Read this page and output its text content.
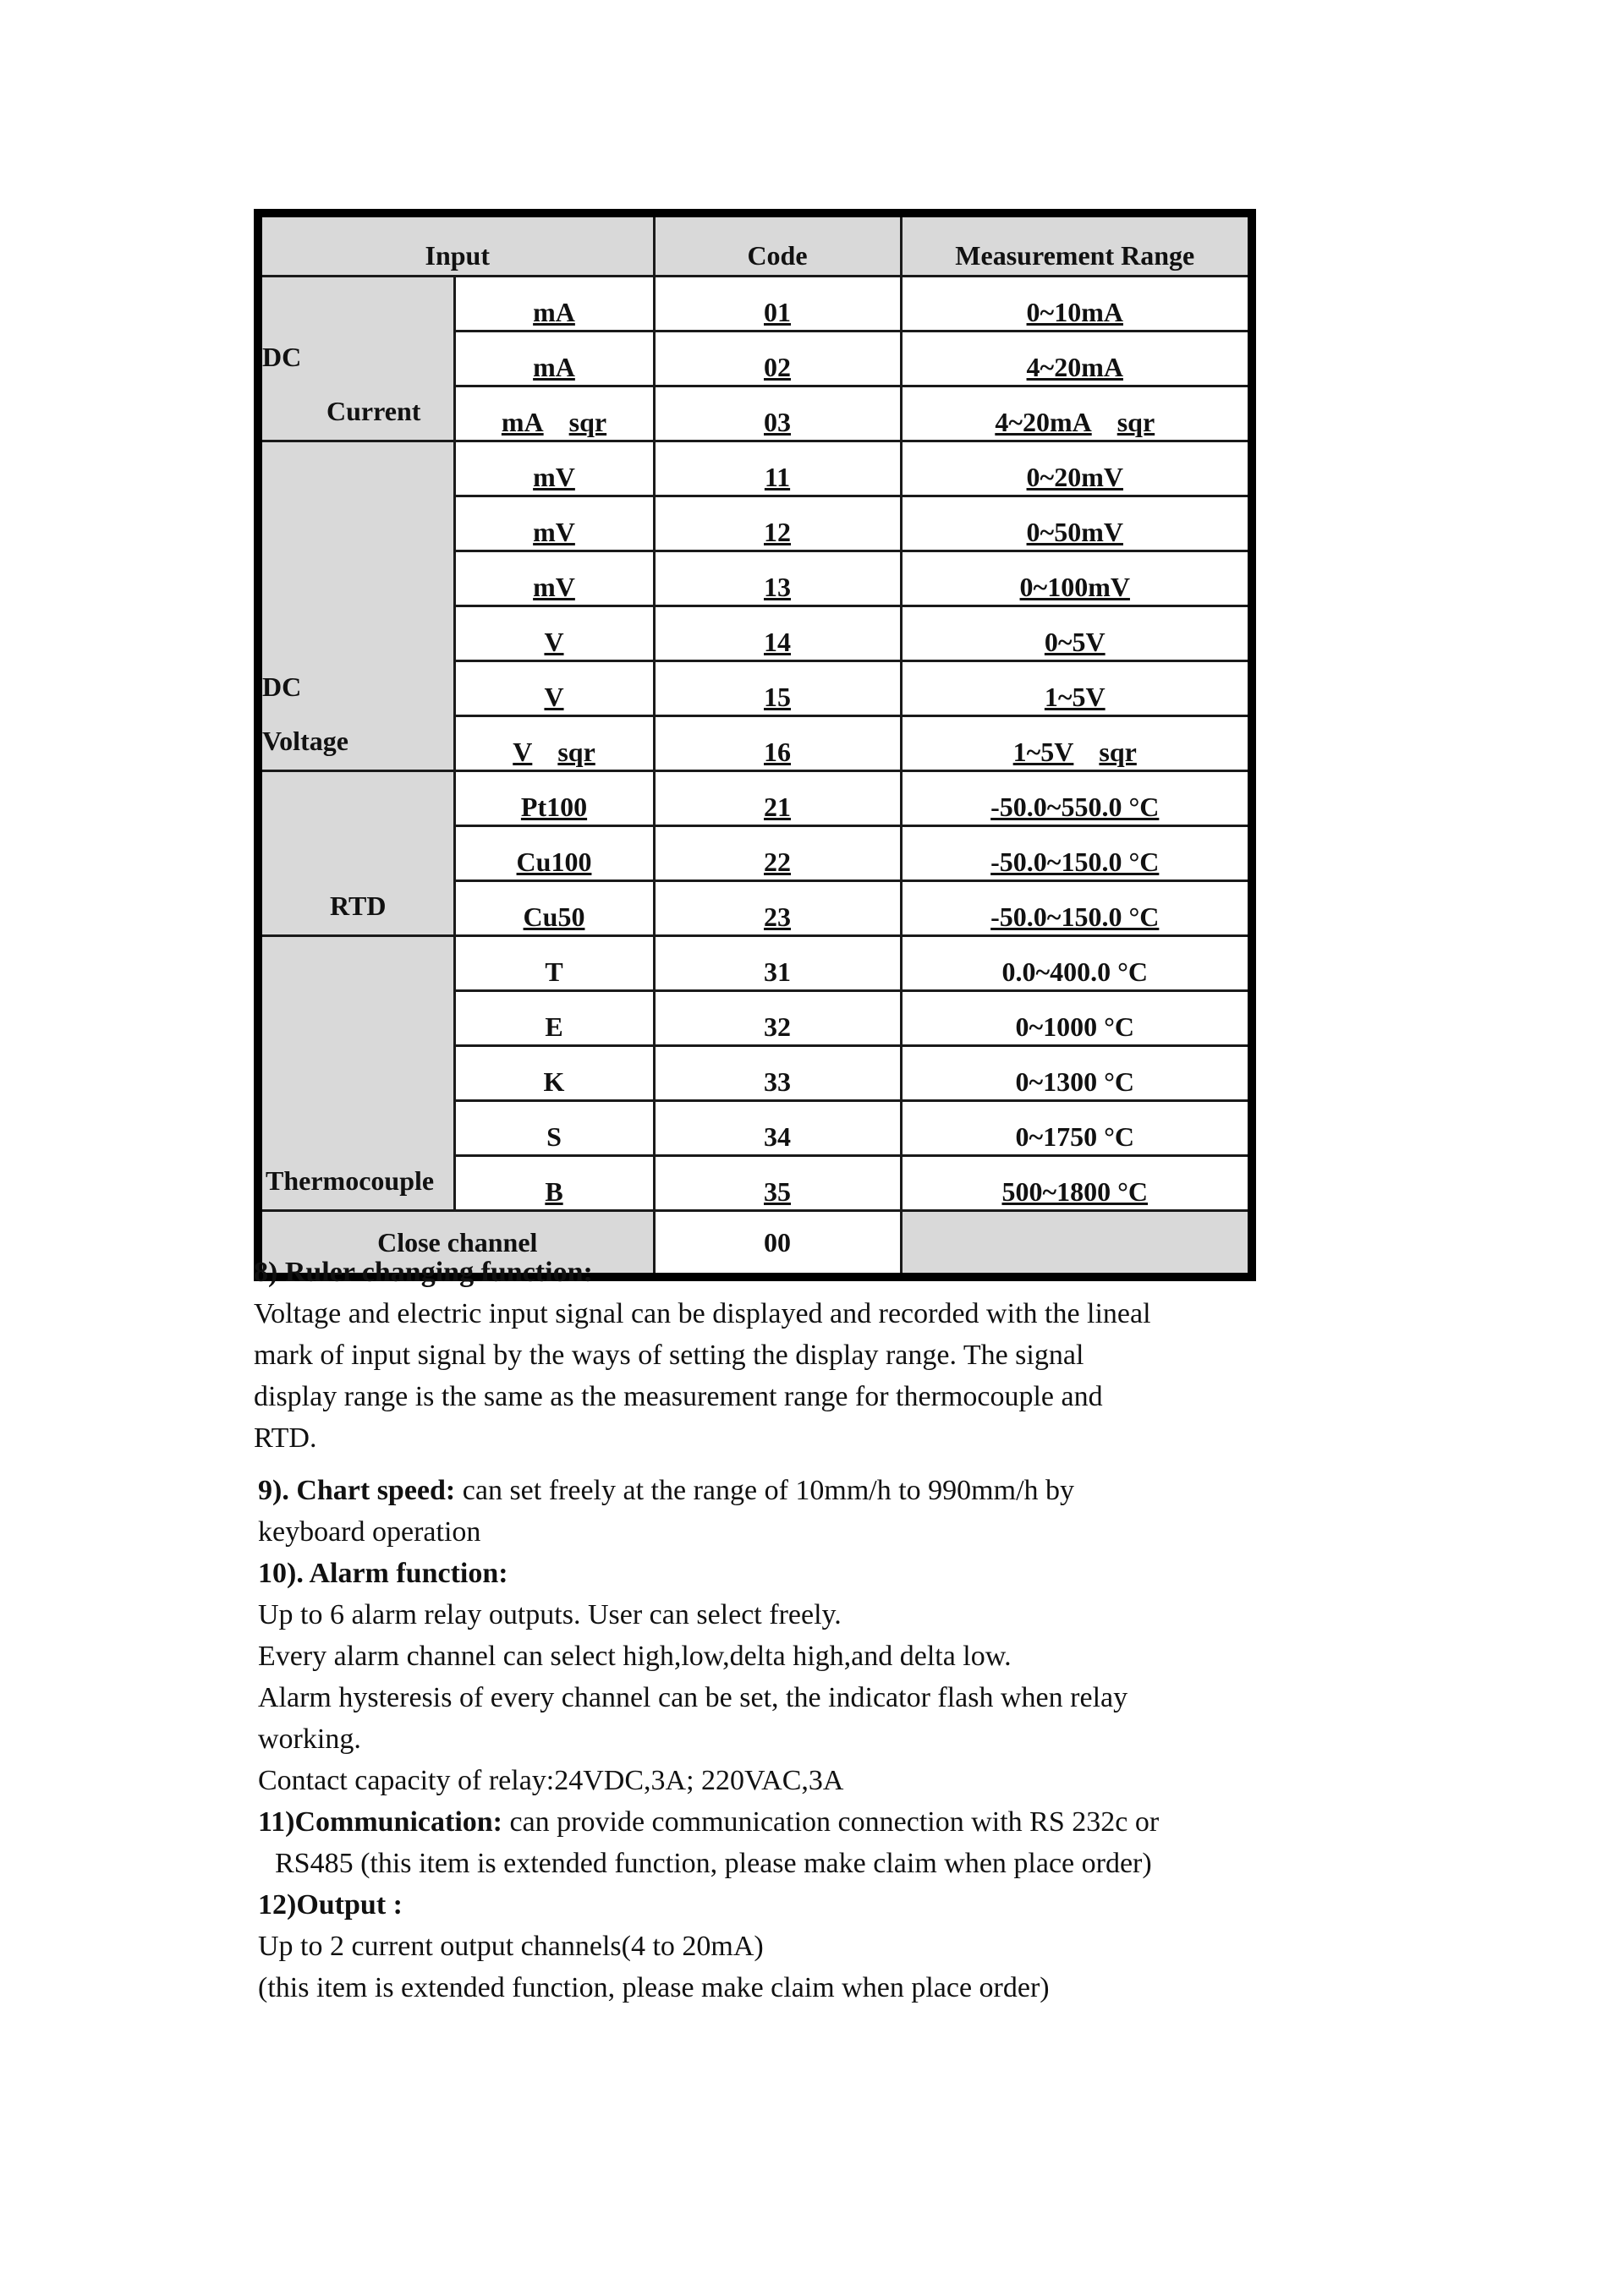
Input		Code	Measurement Range

DC
Current	mA	01	0~10mA
	mA	02	4~20mA
	mA sqr	03	4~20mA sqr

DC
Voltage	mV	11	0~20mV
	mV	12	0~50mV
	mV	13	0~100mV
	V	14	0~5V
	V	15	1~5V
	V sqr	16	1~5V sqr
RTD	Pt100	21	-50.0~550.0 °C
	Cu100	22	-50.0~150.0 °C
	Cu50	23	-50.0~150.0 °C
Thermocouple	T	31	0.0~400.0 °C
	E	32	0~1000 °C
	K	33	0~1300 °C
	S	34	0~1750 °C
	B	35	500~1800 °C
Close channel		00	

8) Ruler changing function:
Voltage and electric input signal can be displayed and recorded with the lineal
mark of input signal by the ways of setting the display range. The signal
display range is the same as the measurement range for thermocouple and
RTD.

9). Chart speed: can set freely at the range of 10mm/h to 990mm/h by
keyboard operation

10). Alarm function:
Up to 6 alarm relay outputs. User can select freely.
Every alarm channel can select high,low,delta high,and delta low.
Alarm hysteresis of every channel can be set, the indicator flash when relay
working.
Contact capacity of relay:24VDC,3A; 220VAC,3A

11)Communication: can provide communication connection with RS 232c or
RS485 (this item is extended function, please make claim when place order)

12)Output :
Up to 2 current output channels(4 to 20mA)
(this item is extended function, please make claim when place order)
